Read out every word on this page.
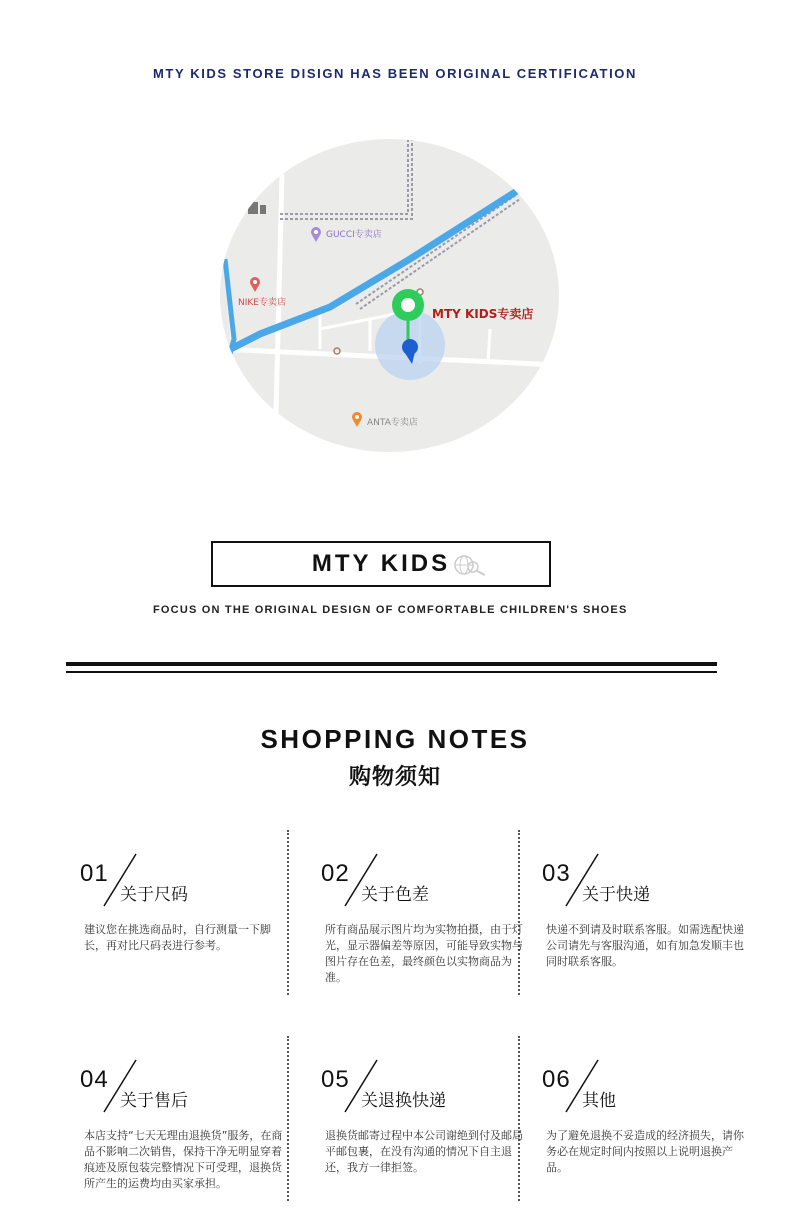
MTY KIDS STORE DISIGN HAS BEEN ORIGINAL CERTIFICATION
GUCCI专卖店
NIKE专卖店
MTY KIDS专卖店
ANTA专卖店
MTY KIDS
FOCUS ON THE ORIGINAL DESIGN OF COMFORTABLE CHILDREN'S SHOES
SHOPPING NOTES
购物须知
01
关于尺码
建议您在挑选商品时，自行测量一下脚长，再对比尺码表进行参考。
02
关于色差
所有商品展示图片均为实物拍摄，由于灯光，显示器偏差等原因，可能导致实物与图片存在色差，最终颜色以实物商品为准。
03
关于快递
快递不到请及时联系客服。如需选配快递公司请先与客服沟通，如有加急发顺丰也同时联系客服。
04
关于售后
本店支持“七天无理由退换货”服务，在商品不影响二次销售，保持干净无明显穿着痕迹及原包装完整情况下可受理，退换货所产生的运费均由买家承担。
05
关退换快递
退换货邮寄过程中本公司谢绝到付及邮局平邮包裹，在没有沟通的情况下自主退还，我方一律拒签。
06
其他
为了避免退换不妥造成的经济损失，请你务必在规定时间内按照以上说明退换产品。
